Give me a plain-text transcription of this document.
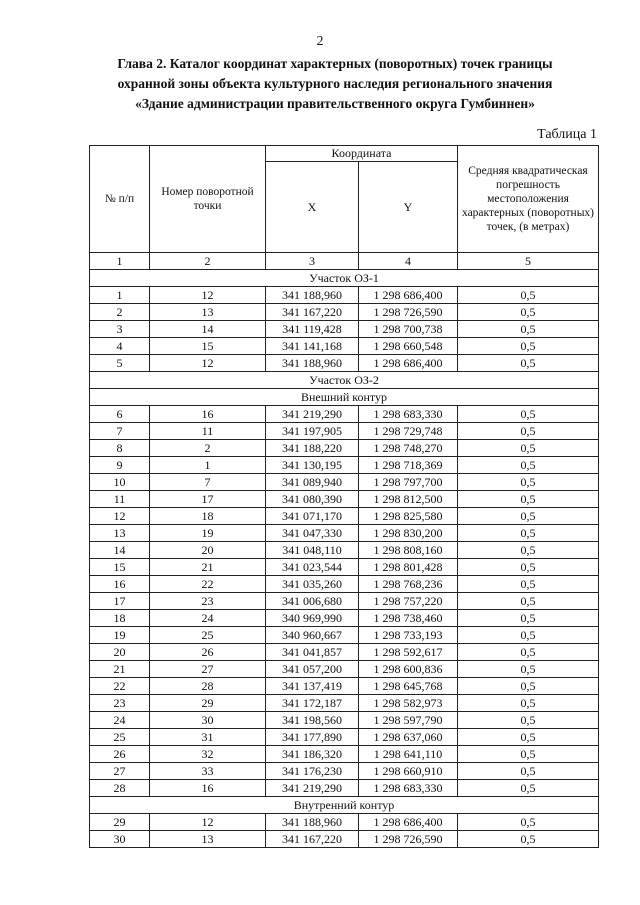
2
Глава 2. Каталог координат характерных (поворотных) точек границы
охранной зоны объекта культурного наследия регионального значения
«Здание администрации правительственного округа Гумбиннен»
Таблица 1
№ п/п	Номер поворотной точки	Координата		Средняя квадратическая погрешность местоположения характерных (поворотных) точек, (в метрах)
		X	Y	
1	2	3	4	5
Участок ОЗ-1				
1	12	341 188,960	1 298 686,400	0,5
2	13	341 167,220	1 298 726,590	0,5
3	14	341 119,428	1 298 700,738	0,5
4	15	341 141,168	1 298 660,548	0,5
5	12	341 188,960	1 298 686,400	0,5
Участок ОЗ-2				
Внешний контур				
6	16	341 219,290	1 298 683,330	0,5
7	11	341 197,905	1 298 729,748	0,5
8	2	341 188,220	1 298 748,270	0,5
9	1	341 130,195	1 298 718,369	0,5
10	7	341 089,940	1 298 797,700	0,5
11	17	341 080,390	1 298 812,500	0,5
12	18	341 071,170	1 298 825,580	0,5
13	19	341 047,330	1 298 830,200	0,5
14	20	341 048,110	1 298 808,160	0,5
15	21	341 023,544	1 298 801,428	0,5
16	22	341 035,260	1 298 768,236	0,5
17	23	341 006,680	1 298 757,220	0,5
18	24	340 969,990	1 298 738,460	0,5
19	25	340 960,667	1 298 733,193	0,5
20	26	341 041,857	1 298 592,617	0,5
21	27	341 057,200	1 298 600,836	0,5
22	28	341 137,419	1 298 645,768	0,5
23	29	341 172,187	1 298 582,973	0,5
24	30	341 198,560	1 298 597,790	0,5
25	31	341 177,890	1 298 637,060	0,5
26	32	341 186,320	1 298 641,110	0,5
27	33	341 176,230	1 298 660,910	0,5
28	16	341 219,290	1 298 683,330	0,5
Внутренний контур				
29	12	341 188,960	1 298 686,400	0,5
30	13	341 167,220	1 298 726,590	0,5
